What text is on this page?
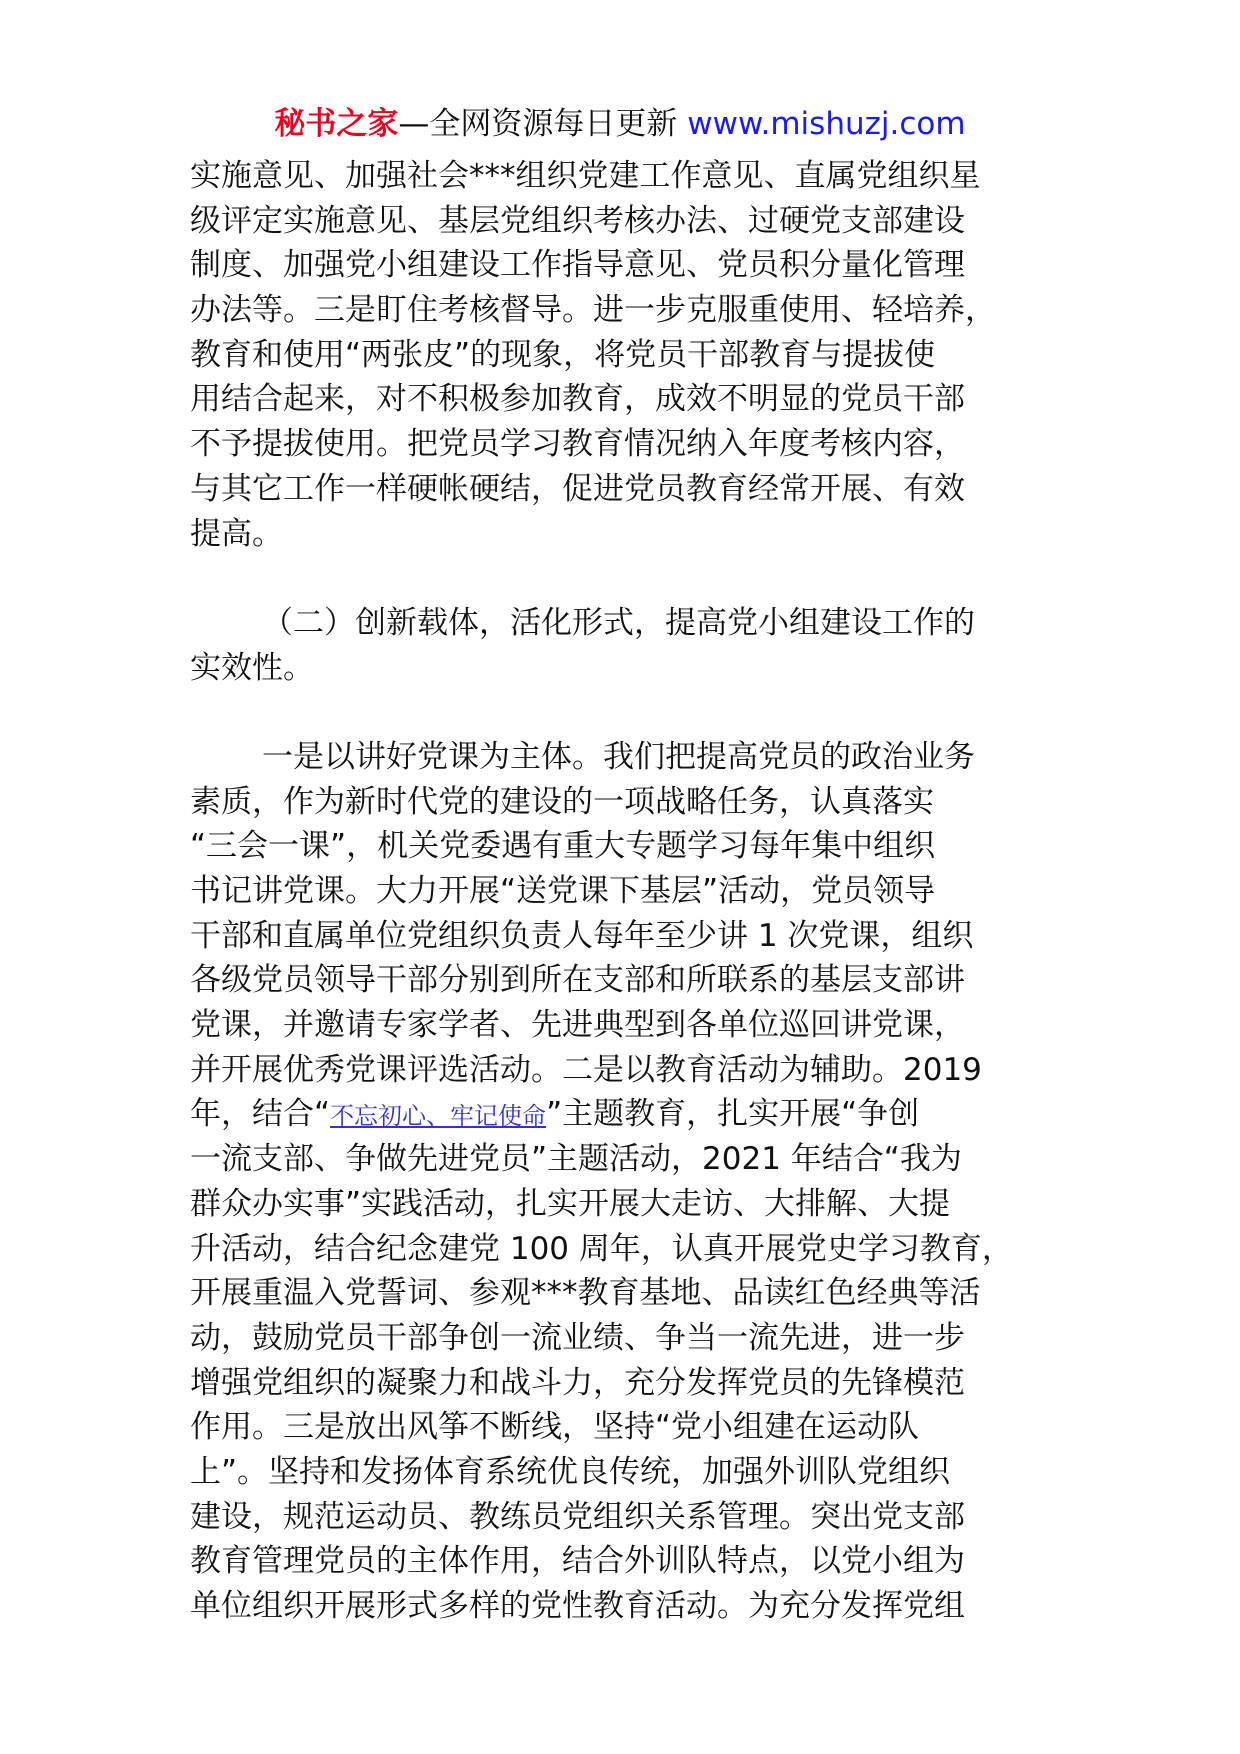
秘书之家—全网资源每日更新 www.mishuzj.com
实施意见、加强社会***组织党建工作意见、直属党组织星
级评定实施意见、基层党组织考核办法、过硬党支部建设
制度、加强党小组建设工作指导意见、党员积分量化管理
办法等。三是盯住考核督导。进一步克服重使用、轻培养，
教育和使用“两张皮”的现象，将党员干部教育与提拔使
用结合起来，对不积极参加教育，成效不明显的党员干部
不予提拔使用。把党员学习教育情况纳入年度考核内容，
与其它工作一样硬帐硬结，促进党员教育经常开展、有效
提高。
（二）创新载体，活化形式，提高党小组建设工作的
实效性。
一是以讲好党课为主体。我们把提高党员的政治业务
素质，作为新时代党的建设的一项战略任务，认真落实
“三会一课”，机关党委遇有重大专题学习每年集中组织
书记讲党课。大力开展“送党课下基层”活动，党员领导
干部和直属单位党组织负责人每年至少讲 1 次党课，组织
各级党员领导干部分别到所在支部和所联系的基层支部讲
党课，并邀请专家学者、先进典型到各单位巡回讲党课，
并开展优秀党课评选活动。二是以教育活动为辅助。2019
年，结合“不忘初心、牢记使命”主题教育，扎实开展“争创
一流支部、争做先进党员”主题活动，2021 年结合“我为
群众办实事”实践活动，扎实开展大走访、大排解、大提
升活动，结合纪念建党 100 周年，认真开展党史学习教育，
开展重温入党誓词、参观***教育基地、品读红色经典等活
动，鼓励党员干部争创一流业绩、争当一流先进，进一步
增强党组织的凝聚力和战斗力，充分发挥党员的先锋模范
作用。三是放出风筝不断线，坚持“党小组建在运动队
上”。坚持和发扬体育系统优良传统，加强外训队党组织
建设，规范运动员、教练员党组织关系管理。突出党支部
教育管理党员的主体作用，结合外训队特点，以党小组为
单位组织开展形式多样的党性教育活动。为充分发挥党组
